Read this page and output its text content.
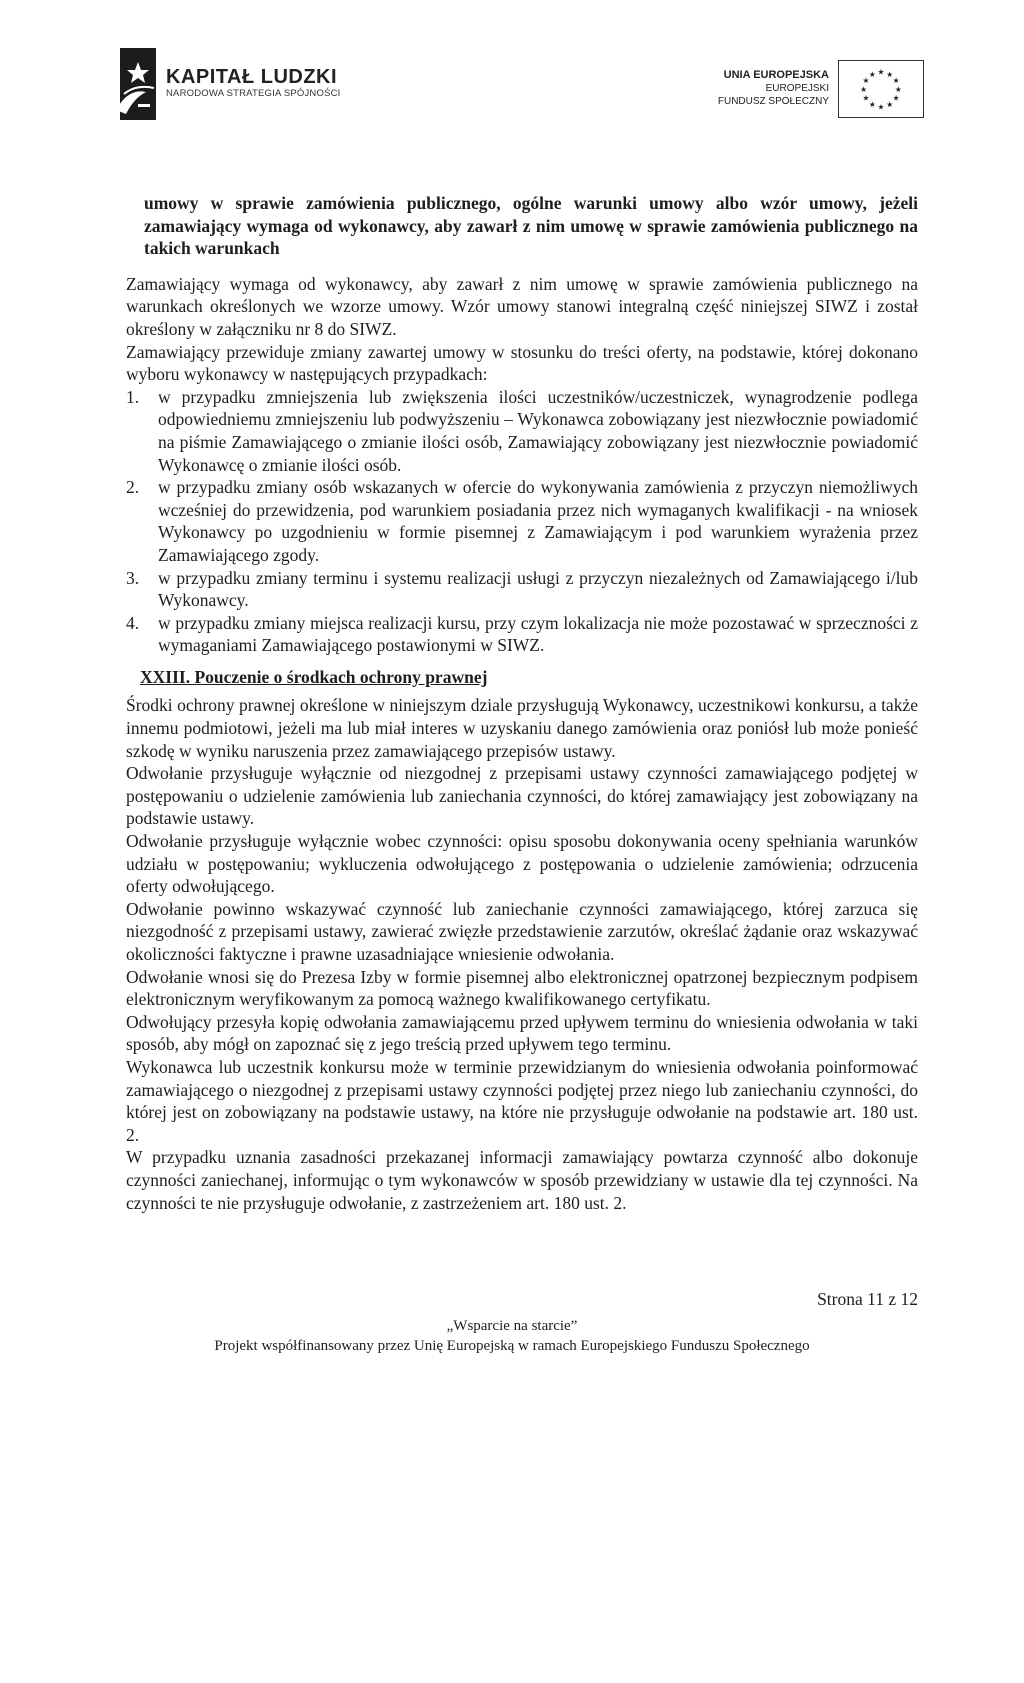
KAPITAŁ LUDZKI
NARODOWA STRATEGIA SPÓJNOŚCI
UNIA EUROPEJSKA
EUROPEJSKI
FUNDUSZ SPOŁECZNY
★ ★
★
★
★
★
★
★
★
★
★
★

umowy w sprawie zamówienia publicznego, ogólne warunki umowy albo wzór umowy, jeżeli zamawiający wymaga od wykonawcy, aby zawarł z nim umowę w sprawie zamówienia publicznego na takich warunkach

Zamawiający wymaga od wykonawcy, aby zawarł z nim umowę w sprawie zamówienia publicznego na warunkach określonych we wzorze umowy. Wzór umowy stanowi integralną część niniejszej SIWZ i został określony w załączniku nr 8 do SIWZ.

Zamawiający przewiduje zmiany zawartej umowy w stosunku do treści oferty, na podstawie, której dokonano wyboru wykonawcy w następujących przypadkach:

1.	w przypadku zmniejszenia lub zwiększenia ilości uczestników/uczestniczek, wynagrodzenie podlega odpowiedniemu zmniejszeniu lub podwyższeniu – Wykonawca zobowiązany jest niezwłocznie powiadomić na piśmie Zamawiającego o zmianie ilości osób, Zamawiający zobowiązany jest niezwłocznie powiadomić Wykonawcę o zmianie ilości osób.
2.	w przypadku zmiany osób wskazanych w ofercie do wykonywania zamówienia z przyczyn niemożliwych wcześniej do przewidzenia, pod warunkiem posiadania przez nich wymaganych kwalifikacji - na wniosek Wykonawcy po uzgodnieniu w formie pisemnej z Zamawiającym i pod warunkiem wyrażenia przez Zamawiającego zgody.
3.	w przypadku zmiany terminu i systemu realizacji usługi z przyczyn niezależnych od Zamawiającego i/lub Wykonawcy.
4.	w przypadku zmiany miejsca realizacji kursu, przy czym lokalizacja nie może pozostawać w sprzeczności z wymaganiami Zamawiającego postawionymi w SIWZ.
XXIII. Pouczenie o środkach ochrony prawnej

Środki ochrony prawnej określone w niniejszym dziale przysługują Wykonawcy, uczestnikowi konkursu, a także innemu podmiotowi, jeżeli ma lub miał interes w uzyskaniu danego zamówienia oraz poniósł lub może ponieść szkodę w wyniku naruszenia przez zamawiającego przepisów ustawy.

Odwołanie przysługuje wyłącznie od niezgodnej z przepisami ustawy czynności zamawiającego podjętej w postępowaniu o udzielenie zamówienia lub zaniechania czynności, do której zamawiający jest zobowiązany na podstawie ustawy.

Odwołanie przysługuje wyłącznie wobec czynności: opisu sposobu dokonywania oceny spełniania warunków udziału w postępowaniu; wykluczenia odwołującego z postępowania o udzielenie zamówienia; odrzucenia oferty odwołującego.

Odwołanie powinno wskazywać czynność lub zaniechanie czynności zamawiającego, której zarzuca się niezgodność z przepisami ustawy, zawierać zwięzłe przedstawienie zarzutów, określać żądanie oraz wskazywać okoliczności faktyczne i prawne uzasadniające wniesienie odwołania.

Odwołanie wnosi się do Prezesa Izby w formie pisemnej albo elektronicznej opatrzonej bezpiecznym podpisem elektronicznym weryfikowanym za pomocą ważnego kwalifikowanego certyfikatu.

Odwołujący przesyła kopię odwołania zamawiającemu przed upływem terminu do wniesienia odwołania w taki sposób, aby mógł on zapoznać się z jego treścią przed upływem tego terminu.

Wykonawca lub uczestnik konkursu może w terminie przewidzianym do wniesienia odwołania poinformować zamawiającego o niezgodnej z przepisami ustawy czynności podjętej przez niego lub zaniechaniu czynności, do której jest on zobowiązany na podstawie ustawy, na które nie przysługuje odwołanie na podstawie art. 180 ust. 2.

W przypadku uznania zasadności przekazanej informacji zamawiający powtarza czynność albo dokonuje czynności zaniechanej, informując o tym wykonawców w sposób przewidziany w ustawie dla tej czynności. Na czynności te nie przysługuje odwołanie, z zastrzeżeniem art. 180 ust. 2.

Strona 11 z 12
„Wsparcie na starcie”
Projekt współfinansowany przez Unię Europejską w ramach Europejskiego Funduszu Społecznego
